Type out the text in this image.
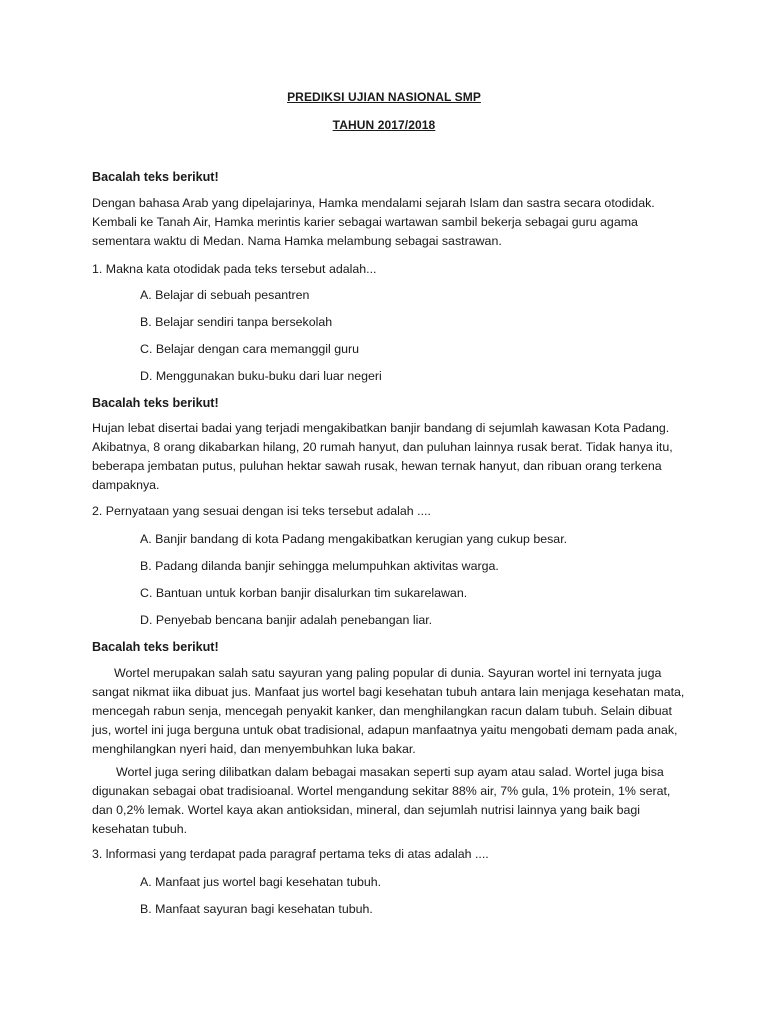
PREDIKSI UJIAN NASIONAL SMP
TAHUN 2017/2018
Bacalah teks berikut!

Dengan bahasa Arab yang dipelajarinya, Hamka mendalami sejarah Islam dan sastra secara otodidak. Kembali ke Tanah Air, Hamka merintis karier sebagai wartawan sambil bekerja sebagai guru agama sementara waktu di Medan. Nama Hamka melambung sebagai sastrawan.

1. Makna kata otodidak pada teks tersebut adalah...
A. Belajar di sebuah pesantren
B. Belajar sendiri tanpa bersekolah
C. Belajar dengan cara memanggil guru
D. Menggunakan buku-buku dari luar negeri
Bacalah teks berikut!

Hujan lebat disertai badai yang terjadi mengakibatkan banjir bandang di sejumlah kawasan Kota Padang. Akibatnya, 8 orang dikabarkan hilang, 20 rumah hanyut, dan puluhan lainnya rusak berat. Tidak hanya itu, beberapa jembatan putus, puluhan hektar sawah rusak, hewan ternak hanyut, dan ribuan orang terkena dampaknya.

2. Pernyataan yang sesuai dengan isi teks tersebut adalah ....
A. Banjir bandang di kota Padang mengakibatkan kerugian yang cukup besar.
B. Padang dilanda banjir sehingga melumpuhkan aktivitas warga.
C. Bantuan untuk korban banjir disalurkan tim sukarelawan.
D. Penyebab bencana banjir adalah penebangan liar.
Bacalah teks berikut!

Wortel merupakan salah satu sayuran yang paling popular di dunia. Sayuran wortel ini ternyata juga sangat nikmat iika dibuat jus. Manfaat jus wortel bagi kesehatan tubuh antara lain menjaga kesehatan mata, mencegah rabun senja, mencegah penyakit kanker, dan menghilangkan racun dalam tubuh. Selain dibuat jus, wortel ini juga berguna untuk obat tradisional, adapun manfaatnya yaitu mengobati demam pada anak, menghilangkan nyeri haid, dan menyembuhkan luka bakar.

Wortel juga sering dilibatkan dalam bebagai masakan seperti sup ayam atau salad. Wortel juga bisa digunakan sebagai obat tradisioanal. Wortel mengandung sekitar 88% air, 7% gula, 1% protein, 1% serat, dan 0,2% lemak. Wortel kaya akan antioksidan, mineral, dan sejumlah nutrisi lainnya yang baik bagi kesehatan tubuh.

3. lnformasi yang terdapat pada paragraf pertama teks di atas adalah ....
A. Manfaat jus wortel bagi kesehatan tubuh.
B. Manfaat sayuran bagi kesehatan tubuh.
